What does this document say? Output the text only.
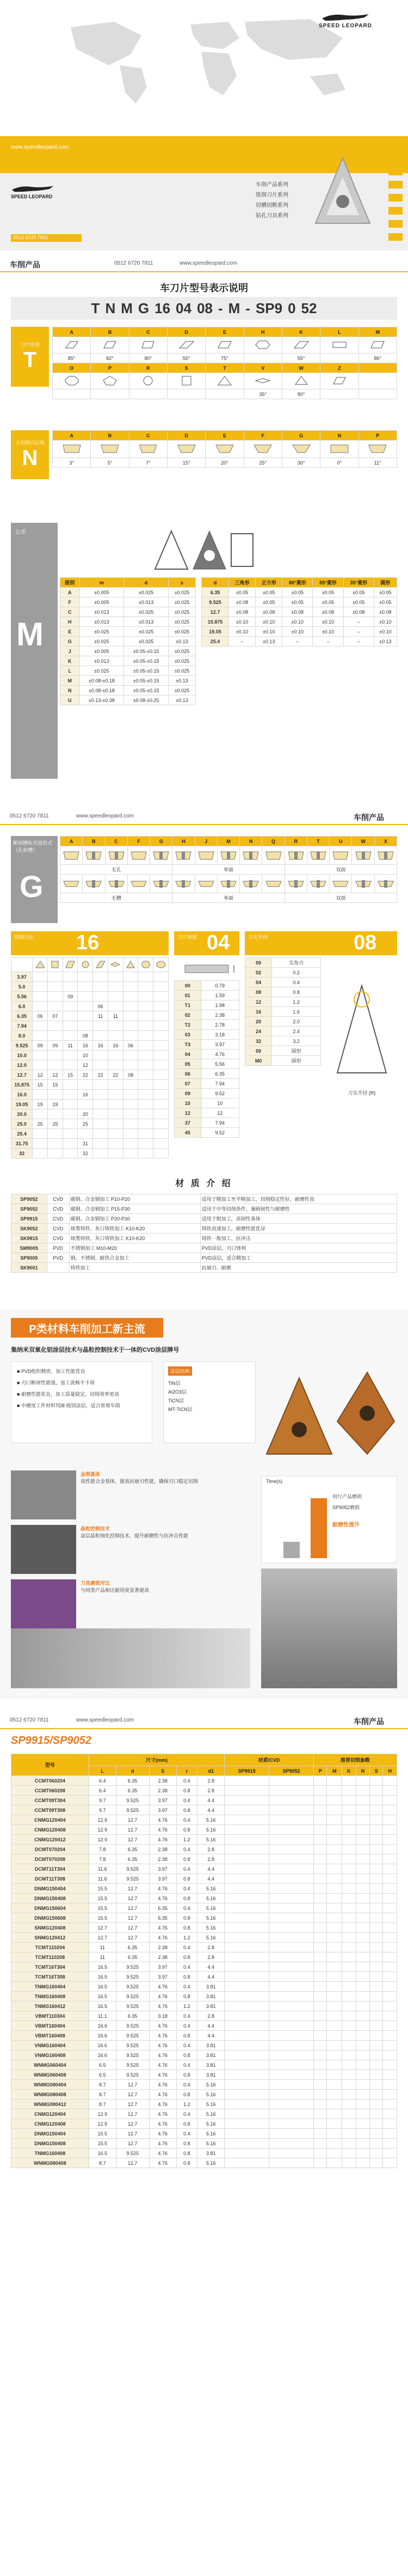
SPEED LEOPARD
www.speedleopard.com
SPEED LEOPARD
0512 6720 7811
车削产品系列
铣削刀片系列
切槽切断系列
钻孔刀具系列
车削产品	0512 6720 7811	www.speedleopard.com
车刀片型号表示说明
T N M G 16 04 08 - M - SP9 0 52
刀片形状
T
A	B	C	D	E	H	K	L	M

85°	82°	80°	55°	75°		55°		86°
O	P	R	S	T	V	W	Z	

					35°	80°		
主切削刃后角
N
A	B	C	D	E	F	G	N	P

3°	5°	7°	15°	20°	25°	30°	0°	11°
公差
M
级别	m	d	s
A	±0.005	±0.025	±0.025
F	±0.005	±0.013	±0.025
C	±0.013	±0.025	±0.025
H	±0.013	±0.013	±0.025
E	±0.025	±0.025	±0.025
G	±0.025	±0.025	±0.13
J	±0.005	±0.05-±0.15	±0.025
K	±0.013	±0.05-±0.15	±0.025
L	±0.025	±0.05-±0.15	±0.025
M	±0.08-±0.18	±0.05-±0.15	±0.13
N	±0.08-±0.18	±0.05-±0.15	±0.025
U	±0.13-±0.38	±0.08-±0.25	±0.13
d	三角形	正方形	80°菱形	55°菱形	35°菱形	圆形
6.35	±0.05	±0.05	±0.05	±0.05	±0.05	±0.05
9.525	±0.08	±0.05	±0.05	±0.05	±0.05	±0.05
12.7	±0.08	±0.08	±0.08	±0.08	±0.08	±0.08
15.875	±0.10	±0.10	±0.10	±0.10	–	±0.10
19.05	±0.10	±0.10	±0.10	±0.10	–	±0.10
25.4	–	±0.13	–	–	–	±0.13
0512 6720 7811	www.speedleopard.com	车削产品
断屑槽和夹固形式（孔和槽）
G
A	B	C	F	G	H	J	M	N	Q	R	T	U	W	X

无孔					单面					双面				

无槽					单面					双面				
切削刃长 16

3.97									
5.0									
5.56			09						
6.0					06				
6.35	06	07			11	11			
7.94									
8.0				08					
9.525	09	09	11	16	16	16	06		
10.0				10					
12.0				12					
12.7	12	12	15	22	22	22	08		
15.875	15	15							
16.0				16					
19.05	19	19							
20.0				20					
25.0	25	25		25					
25.4									
31.75				31					
32				32					
刀片厚度 04
00	0.79
01	1.59
T1	1.98
02	2.38
T2	2.78
03	3.18
T3	3.97
04	4.76
05	5.56
06	6.35
07	7.94
09	9.52
10	10
12	12
37	7.94
45	9.52
刀尖半径	08
00	尖角刃
02	0.2
04	0.4
08	0.8
12	1.2
16	1.6
20	2.0
24	2.4
32	3.2
00	圆形
M0	圆形
刀尖半径 (R)
材 质 介 绍
SP9052	CVD	碳钢、合金钢加工 P10-P20	适用于精加工至半精加工，切削稳定性好，耐磨性高
SP9052	CVD	碳钢、合金钢加工 P15-P30	适用于中等切削条件，兼顾韧性与耐磨性
SP9915	CVD	碳钢、合金钢加工 P20-P30	适用于粗加工，高韧性基体
SK9052	CVD	球墨铸铁、灰口铸铁加工 K10-K20	铸铁高速加工，耐磨性能优异
SK9915	CVD	球墨铸铁、灰口铸铁加工 K10-K20	铸铁一般加工，抗冲击
SM9005	PVD	不锈钢加工 M10-M20	PVD涂层，刃口锋利
SP9005	PVD	钢、不锈钢、耐热合金加工	PVD涂层，适合精加工
SK9001		铸铁加工	抗崩刃、耐磨
P类材料车削加工新主流
集纳米双氧化铝涂层技术与晶粒控制技术于一体的CVD涂层牌号
■ PVD组织精密，加工性能优良
■ 刃口断屑性能强，加工流畅不卡屑
■ 耐磨性能优良，加工质量稳定，切削效率更高
■ 中硬度工件材料TD8 级别涂层，适合常规车削
涂层结构
TiN层
Al2O3层
TiCN层
MT-TiCN层
金刚基体
高性能合金基体，提高抗崩刃性能，确保刃口稳定切削
晶粒控制技术
涂层晶粒细化控制技术，提升耐磨性与抗冲击性能
刀具磨损对比
与同类产品相比耐用度显著提高
Time(s)
同行产品磨损
SP9052磨损
耐磨性提升
0512 6720 7811	www.speedleopard.com	车削产品
SP9915/SP9052
型号	尺寸(mm)					材质/CVD		推荐切削参数					
	L	d	S	r	d1	SP9915	SP9052	P	M	K	N	S	H
CCMT060204	6.4	6.35	2.38	0.4	2.8								
CCMT060208	6.4	6.35	2.38	0.8	2.8								
CCMT09T304	9.7	9.525	3.97	0.4	4.4								
CCMT09T308	9.7	9.525	3.97	0.8	4.4								
CNMG120404	12.9	12.7	4.76	0.4	5.16								
CNMG120408	12.9	12.7	4.76	0.8	5.16								
CNMG120412	12.9	12.7	4.76	1.2	5.16								
DCMT070204	7.8	6.35	2.38	0.4	2.8								
DCMT070208	7.8	6.35	2.38	0.8	2.8								
DCMT11T304	11.6	9.525	3.97	0.4	4.4								
DCMT11T308	11.6	9.525	3.97	0.8	4.4								
DNMG150404	15.5	12.7	4.76	0.4	5.16								
DNMG150408	15.5	12.7	4.76	0.8	5.16								
DNMG150604	15.5	12.7	6.35	0.4	5.16								
DNMG150608	15.5	12.7	6.35	0.8	5.16								
SNMG120408	12.7	12.7	4.76	0.8	5.16								
SNMG120412	12.7	12.7	4.76	1.2	5.16								
TCMT110204	11	6.35	2.38	0.4	2.8								
TCMT110208	11	6.35	2.38	0.8	2.8								
TCMT16T304	16.5	9.525	3.97	0.4	4.4								
TCMT16T308	16.5	9.525	3.97	0.8	4.4								
TNMG160404	16.5	9.525	4.76	0.4	3.81								
TNMG160408	16.5	9.525	4.76	0.8	3.81								
TNMG160412	16.5	9.525	4.76	1.2	3.81								
VBMT110304	11.1	6.35	3.18	0.4	2.8								
VBMT160404	16.6	9.525	4.76	0.4	4.4								
VBMT160408	16.6	9.525	4.76	0.8	4.4								
VNMG160404	16.6	9.525	4.76	0.4	3.81								
VNMG160408	16.6	9.525	4.76	0.8	3.81								
WNMG060404	6.5	9.525	4.76	0.4	3.81								
WNMG060408	6.5	9.525	4.76	0.8	3.81								
WNMG080404	8.7	12.7	4.76	0.4	5.16								
WNMG080408	8.7	12.7	4.76	0.8	5.16								
WNMG080412	8.7	12.7	4.76	1.2	5.16								
CNMG120404	12.9	12.7	4.76	0.4	5.16								
CNMG120408	12.9	12.7	4.76	0.8	5.16								
DNMG150404	15.5	12.7	4.76	0.4	5.16								
DNMG150408	15.5	12.7	4.76	0.8	5.16								
TNMG160408	16.5	9.525	4.76	0.8	3.81								
WNMG080408	8.7	12.7	4.76	0.8	5.16								
